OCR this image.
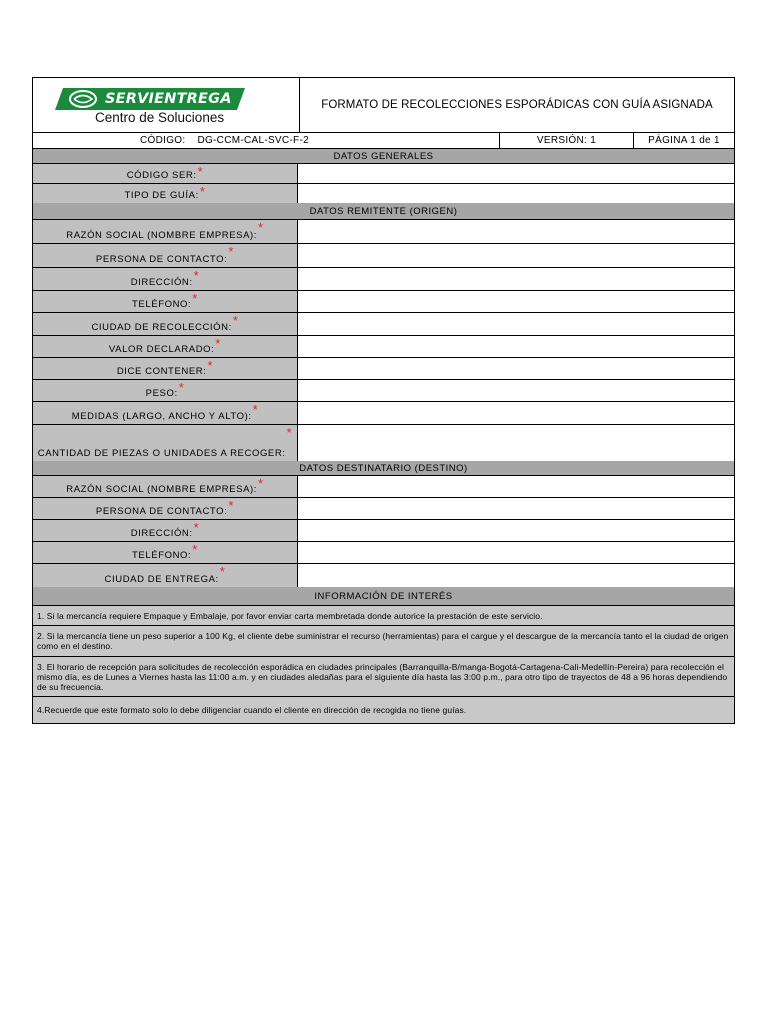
SERVIENTREGA
Centro de Soluciones
FORMATO DE RECOLECCIONES ESPORÁDICAS CON GUÍA ASIGNADA
CÓDIGO: DG-CCM-CAL-SVC-F-2	VERSIÓN: 1	PÁGINA 1 de 1
DATOS GENERALES
CÓDIGO SER: *
TIPO DE GUÍA: *
DATOS REMITENTE (ORIGEN)
RAZÓN SOCIAL (NOMBRE EMPRESA):
*
PERSONA DE CONTACTO:
*
DIRECCIÓN: *
TELÉFONO: *
CIUDAD DE RECOLECCIÓN: *
VALOR DECLARADO: *
DICE CONTENER: *
PESO: *
MEDIDAS (LARGO, ANCHO Y ALTO): *
CANTIDAD DE PIEZAS O UNIDADES A RECOGER:
*
DATOS DESTINATARIO (DESTINO)
RAZÓN SOCIAL (NOMBRE EMPRESA): *
PERSONA DE CONTACTO: *
DIRECCIÓN: *
TELÉFONO: *
CIUDAD DE ENTREGA:
*
INFORMACIÓN DE INTERÉS
1. Si la mercancía requiere Empaque y Embalaje, por favor enviar carta membretada donde autorice la prestación de este servicio.
2. Si la mercancía tiene un peso superior a 100 Kg, el cliente debe suministrar el recurso (herramientas) para el cargue y el descargue de la mercancía tanto el la ciudad de origen como en el destino.
3. El horario de recepción para solicitudes de recolección esporádica en ciudades principales (Barranquilla-B/manga-Bogotá-Cartagena-Cali-Medellín-Pereira) para recolección el mismo día, es de Lunes a Viernes hasta las 11:00 a.m. y en ciudades aledañas para el siguiente día hasta las 3:00 p.m., para otro tipo de trayectos de 48 a 96 horas dependiendo de su frecuencia.
4.Recuerde que este formato solo lo debe diligenciar cuando el cliente en dirección de recogida no tiene guías.
